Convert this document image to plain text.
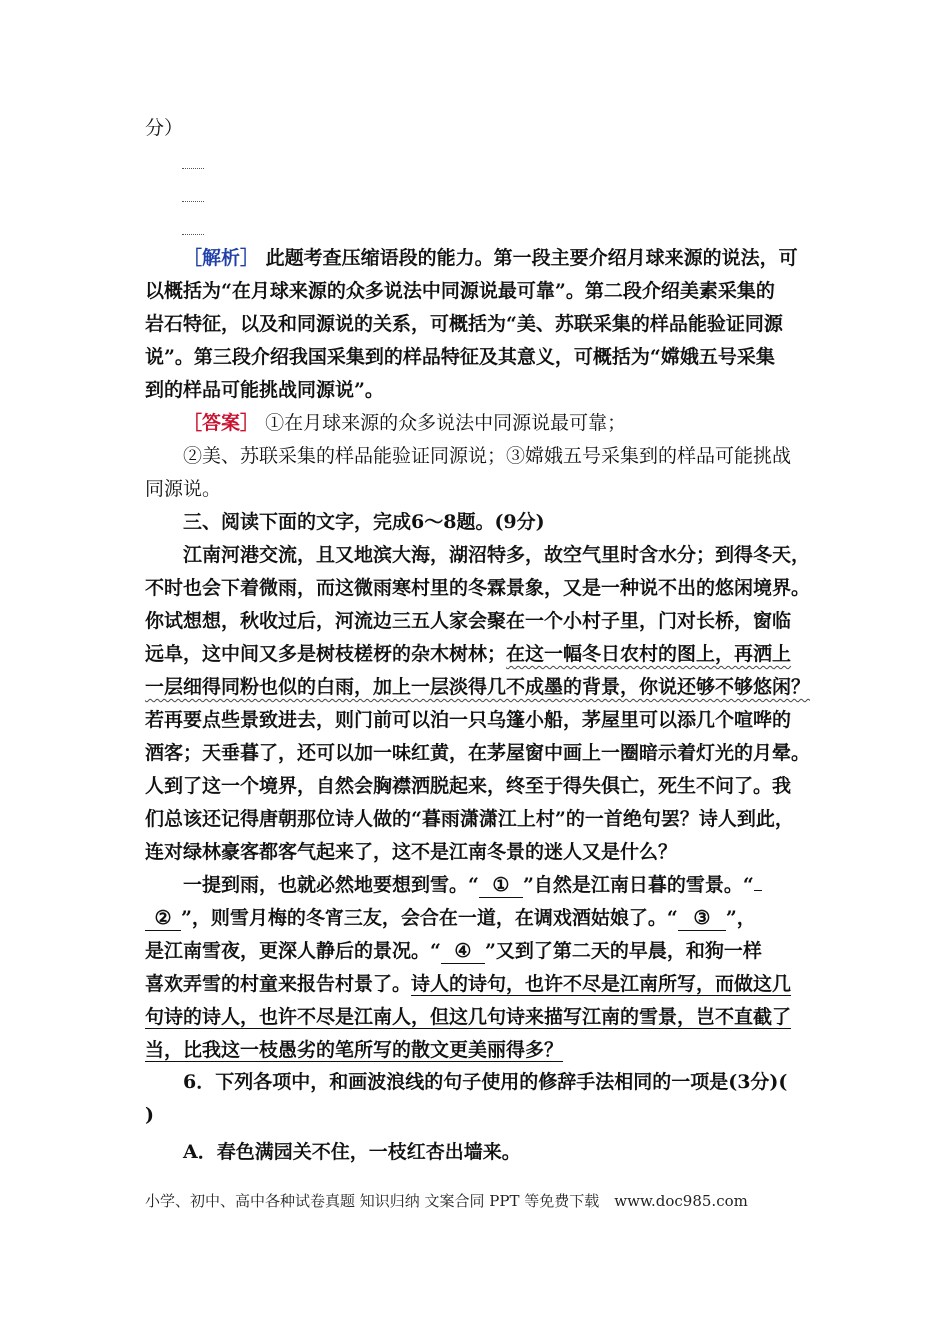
分）
［解析］ 此题考查压缩语段的能力。第一段主要介绍月球来源的说法，可
以概括为“在月球来源的众多说法中同源说最可靠”。第二段介绍美素采集的
岩石特征，以及和同源说的关系，可概括为“美、苏联采集的样品能验证同源
说”。第三段介绍我国采集到的样品特征及其意义，可概括为“嫦娥五号采集
到的样品可能挑战同源说”。
［答案］ ①在月球来源的众多说法中同源说最可靠；
②美、苏联采集的样品能验证同源说；③嫦娥五号采集到的样品可能挑战
同源说。
三、阅读下面的文字，完成6～8题。(9分)
江南河港交流，且又地滨大海，湖沼特多，故空气里时含水分；到得冬天，
不时也会下着微雨，而这微雨寒村里的冬霖景象，又是一种说不出的悠闲境界。
你试想想，秋收过后，河流边三五人家会聚在一个小村子里，门对长桥，窗临
远阜，这中间又多是树枝槎枒的杂木树林；在这一幅冬日农村的图上，再洒上
一层细得同粉也似的白雨，加上一层淡得几不成墨的背景，你说还够不够悠闲？
若再要点些景致进去，则门前可以泊一只乌篷小船，茅屋里可以添几个喧哗的
酒客；天垂暮了，还可以加一味红黄，在茅屋窗中画上一圈暗示着灯光的月晕。
人到了这一个境界，自然会胸襟洒脱起来，终至于得失俱亡，死生不问了。我
们总该还记得唐朝那位诗人做的“暮雨潇潇江上村”的一首绝句罢？诗人到此，
连对绿林豪客都客气起来了，这不是江南冬景的迷人又是什么？
一提到雨，也就必然地要想到雪。“ ① ”自然是江南日暮的雪景。“
② ”，则雪月梅的冬宵三友，会合在一道，在调戏酒姑娘了。“ ③ ”，
是江南雪夜，更深人静后的景况。“ ④ ”又到了第二天的早晨，和狗一样
喜欢弄雪的村童来报告村景了。诗人的诗句，也许不尽是江南所写，而做这几
句诗的诗人，也许不尽是江南人，但这几句诗来描写江南的雪景，岂不直截了
当，比我这一枝愚劣的笔所写的散文更美丽得多？
6．下列各项中，和画波浪线的句子使用的修辞手法相同的一项是(3分)(
)
A．春色满园关不住，一枝红杏出墙来。
小学、初中、高中各种试卷真题 知识归纳 文案合同 PPT 等免费下载　www.doc985.com
